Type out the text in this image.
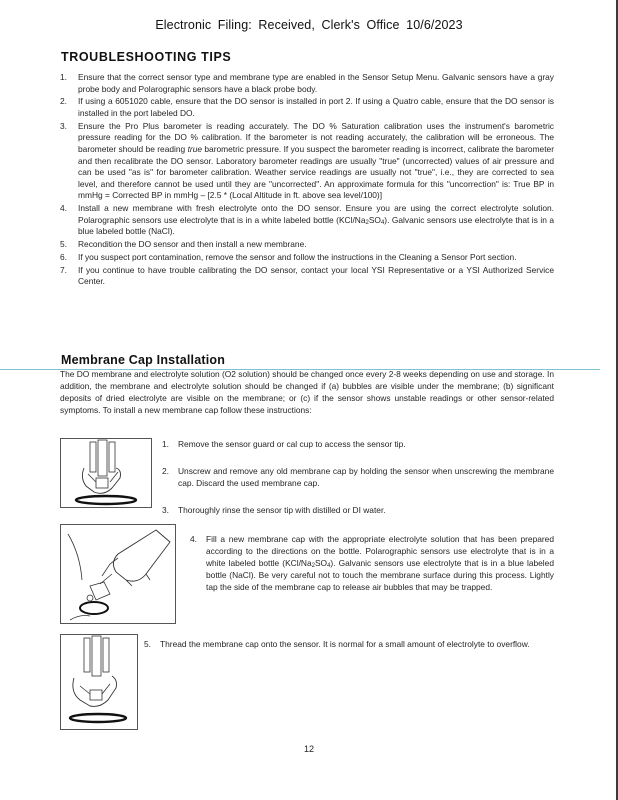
Electronic Filing: Received, Clerk's Office 10/6/2023
TROUBLESHOOTING TIPS
1. Ensure that the correct sensor type and membrane type are enabled in the Sensor Setup Menu. Galvanic sensors have a gray probe body and Polarographic sensors have a black probe body.
2. If using a 6051020 cable, ensure that the DO sensor is installed in port 2. If using a Quatro cable, ensure that the DO sensor is installed in the port labeled DO.
3. Ensure the Pro Plus barometer is reading accurately. The DO % Saturation calibration uses the instrument's barometric pressure reading for the DO % calibration. If the barometer is not reading accurately, the calibration will be erroneous. The barometer should be reading true barometric pressure. If you suspect the barometer reading is incorrect, calibrate the barometer and then recalibrate the DO sensor. Laboratory barometer readings are usually "true" (uncorrected) values of air pressure and can be used "as is" for barometer calibration. Weather service readings are usually not "true", i.e., they are corrected to sea level, and therefore cannot be used until they are "uncorrected". An approximate formula for this "uncorrection" is: True BP in mmHg = Corrected BP in mmHg – [2.5 * (Local Altitude in ft. above sea level/100)]
4. Install a new membrane with fresh electrolyte onto the DO sensor. Ensure you are using the correct electrolyte solution. Polarographic sensors use electrolyte that is in a white labeled bottle $(KCl/Na_2SO_4)$. Galvanic sensors use electrolyte that is in a blue labeled bottle (NaCl).
5. Recondition the DO sensor and then install a new membrane.
6. If you suspect port contamination, remove the sensor and follow the instructions in the Cleaning a Sensor Port section.
7. If you continue to have trouble calibrating the DO sensor, contact your local YSI Representative or a YSI Authorized Service Center.
Membrane Cap Installation
The DO membrane and electrolyte solution (O2 solution) should be changed once every 2-8 weeks depending on use and storage. In addition, the membrane and electrolyte solution should be changed if (a) bubbles are visible under the membrane; (b) significant deposits of dried electrolyte are visible on the membrane; or (c) if the sensor shows unstable readings or other sensor-related symptoms. To install a new membrane cap follow these instructions:
1.	Remove the sensor guard or cal cup to access the sensor tip.
2.	Unscrew and remove any old membrane cap by holding the sensor when unscrewing the membrane cap. Discard the used membrane cap.
3.	Thoroughly rinse the sensor tip with distilled or DI water.
4.	Fill a new membrane cap with the appropriate electrolyte solution that has been prepared according to the directions on the bottle. Polarographic sensors use electrolyte that is in a white labeled bottle $(KCl/Na_2SO_4)$. Galvanic sensors use electrolyte that is in a blue labeled bottle (NaCl). Be very careful not to touch the membrane surface during this process. Lightly tap the side of the membrane cap to release air bubbles that may be trapped.
5.	Thread the membrane cap onto the sensor. It is normal for a small amount of electrolyte to overflow.
12
